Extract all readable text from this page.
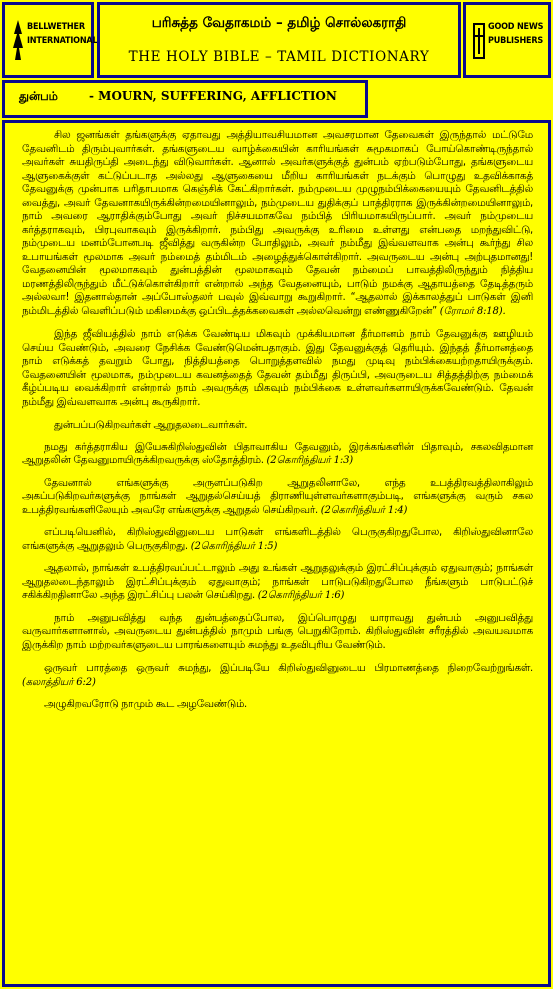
BELLWETHER INTERNATIONAL
பரிசுத்த வேதாகமம் – தமிழ் சொல்லகராதி
THE HOLY BIBLE – TAMIL DICTIONARY
GOOD NEWS PUBLISHERS
துன்பம்	- MOURN, SUFFERING, AFFLICTION

சில ஜனங்கள் தங்களுக்கு ஏதாவது அத்தியாவசியமான அவசரமான தேவைகள் இருந்தால் மட்டுமே தேவனிடம் திரும்புவார்கள். தங்களுடைய வாழ்க்கையின் காரியங்கள் சுமூகமாகப் போய்கொண்டிருந்தால் அவர்கள் சுயதிருப்தி அடைந்து விடுவார்கள். ஆனால் அவர்களுக்குத் துன்பம் ஏற்படும்போது, தங்களுடைய ஆளுகைக்குள் கட்டுப்படாத அல்லது ஆளுகையை மீறிய காரியங்கள் நடக்கும் பொழுது உதவிக்காகத் தேவனுக்கு முன்பாக பரிதாபமாக கெஞ்சிக் கேட்கிறார்கள். நம்முடைய முழுநம்பிக்கையையும் தேவனிடத்தில் வைத்து, அவர் தேவனாகயிருக்கின்றமையினாலும், நம்முடைய துதிக்குப் பாத்திரராக இருக்கின்றமையினாலும், நாம் அவரை ஆராதிக்கும்போது அவர் நிச்சயமாகவே நம்பித் பிரியமாகயிருப்பார். அவர் நம்முடைய கர்த்தராகவும், பிரபுவாகவும் இருக்கிறார். நம்பிது அவருக்கு உரிமை உள்ளது என்பதை மறந்துவிட்டு, நம்முடைய மனம்போனபடி ஜீவித்து வருகின்ற போதிலும், அவர் நம்மீது இவ்வளவாக அன்பு கூர்ந்து சில உபாயங்கள் மூலமாக அவர் நம்மைத் தம்மிடம் அழைத்துக்கொள்கிறார். அவருடைய அன்பு அற்புதமானது! வேதனையின் மூலமாகவும் துன்பத்தின் மூலமாகவும் தேவன் நம்மைப் பாவத்திலிருந்தும் நித்திய மரணத்திலிருந்தும் மீட்டுக்கொள்கிறார் என்றால் அந்த வேதனையும், பாடும் நமக்கு ஆதாயத்தை தேடித்தரும் அல்லவா! இதனால்தான் அப்போஸ்தலர் பவுல் இவ்வாறு கூறுகிறார். “ஆதலால் இக்காலத்துப் பாடுகள் இனி நம்மிடத்தில் வெளிப்படும் மகிமைக்கு ஒப்பிடத்தக்கவைகள் அல்லவென்று எண்ணுகிறேன்” (ரோமர் 8:18).

இந்த ஜீவியத்தில் நாம் எடுக்க வேண்டிய மிகவும் முக்கியமான தீர்மானம் நாம் தேவனுக்கு ஊழியம் செய்ய வேண்டும், அவரை நேசிக்க வேண்டுமென்பதாகும். இது தேவனுக்குத் தெரியும். இந்தத் தீர்மானத்தை நாம் எடுக்கத் தவறும் போது, நித்தியத்தை பொறுத்தளவில் நமது முடிவு நம்பிக்கையற்றதாயிருக்கும். வேதனையின் மூலமாக, நம்முடைய கவனத்தைத் தேவன் தம்மீது திருப்பி, அவருடைய சித்தத்திற்கு நம்மைக் கீழ்ப்படிய வைக்கிறார் என்றால் நாம் அவருக்கு மிகவும் நம்பிக்கை உள்ளவர்களாயிருக்கவேண்டும். தேவன் நம்மீது இவ்வளவாக அன்பு கூருகிறார்.

துன்பப்படுகிறவர்கள் ஆறுதலடைவார்கள்.

நமது கர்த்தராகிய இயேசுகிறிஸ்துவின் பிதாவாகிய தேவனும், இரக்கங்களின் பிதாவும், சகலவிதமான ஆறுதலின் தேவனுமாயிருக்கிறவருக்கு ஸ்தோத்திரம். (2கொரிந்தியர் 1:3)

தேவனால் எங்களுக்கு அருளப்படுகிற ஆறுதலினாலே, எந்த உபத்திரவத்திலாகிலும் அகப்படுகிறவர்களுக்கு நாங்கள் ஆறுதல்செய்யத் திராணியுள்ளவர்களாகும்படி, எங்களுக்கு வரும் சகல உபத்திரவங்களிலேயும் அவரே எங்களுக்கு ஆறுதல் செய்கிறவர். (2கொரிந்தியர் 1:4)

எப்படியெனில், கிறிஸ்துவினுடைய பாடுகள் எங்களிடத்தில் பெருகுகிறதுபோல, கிறிஸ்துவினாலே எங்களுக்கு ஆறுதலும் பெருகுகிறது. (2கொரிந்தியர் 1:5)

ஆதலால், நாங்கள் உபத்திரவப்பட்டாலும் அது உங்கள் ஆறுதலுக்கும் இரட்சிப்புக்கும் ஏதுவாகும்; நாங்கள் ஆறுதலடைந்தாலும் இரட்சிப்புக்கும் ஏதுவாகும்; நாங்கள் பாடுபடுகிறதுபோல நீங்களும் பாடுபட்டுச் சகிக்கிறதினாலே அந்த இரட்சிப்பு பலன் செய்கிறது. (2கொரிந்தியர் 1:6)

நாம் அனுபவித்து வந்த துன்பத்தைப்போல, இப்பொழுது யாராவது துன்பம் அனுபவித்து வருவார்களானால், அவருடைய துன்பத்தில் நாமும் பங்கு பெறுகிறோம். கிறிஸ்துவின் சரீரத்தில் அவயவமாக இருக்கிற நாம் மற்றவர்களுடைய பாரங்களையும் சுமந்து உதவிபுரிய வேண்டும்.

ஒருவர் பாரத்தை ஒருவர் சுமந்து, இப்படியே கிறிஸ்துவினுடைய பிரமாணத்தை நிறைவேற்றுங்கள். (கலாத்தியர் 6:2)

அழுகிறவரோடு நாமும் கூட அழவேண்டும்.
